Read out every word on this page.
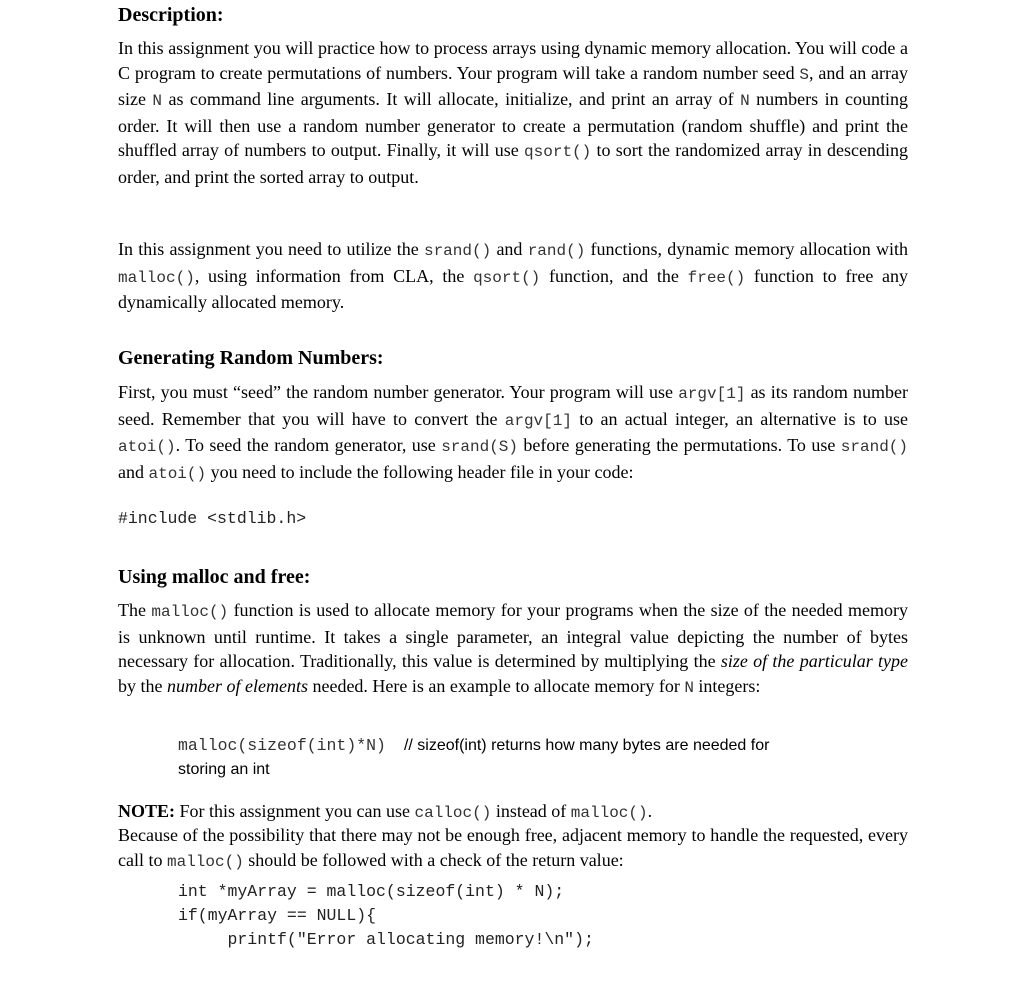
Description:

In this assignment you will practice how to process arrays using dynamic memory allocation. You will code a C program to create permutations of numbers. Your program will take a random number seed S, and an array size N as command line arguments. It will allocate, initialize, and print an array of N numbers in counting order. It will then use a random number generator to create a permutation (random shuffle) and print the shuffled array of numbers to output. Finally, it will use qsort() to sort the randomized array in descending order, and print the sorted array to output.

In this assignment you need to utilize the srand() and rand() functions, dynamic memory allocation with malloc(), using information from CLA, the qsort() function, and the free() function to free any dynamically allocated memory.

Generating Random Numbers:

First, you must “seed” the random number generator. Your program will use argv[1] as its random number seed. Remember that you will have to convert the argv[1] to an actual integer, an alternative is to use atoi(). To seed the random generator, use srand(S) before generating the permutations. To use srand() and atoi() you need to include the following header file in your code:

#include <stdlib.h>
Using malloc and free:

The malloc() function is used to allocate memory for your programs when the size of the needed memory is unknown until runtime. It takes a single parameter, an integral value depicting the number of bytes necessary for allocation. Traditionally, this value is determined by multiplying the size of the particular type by the number of elements needed. Here is an example to allocate memory for N integers:

malloc(sizeof(int)*N) // sizeof(int) returns how many bytes are needed for
storing an int

NOTE: For this assignment you can use calloc() instead of malloc().

Because of the possibility that there may not be enough free, adjacent memory to handle the requested, every call to malloc() should be followed with a check of the return value:

int *myArray = malloc(sizeof(int) * N);
if(myArray == NULL){
printf("Error allocating memory!\n");
